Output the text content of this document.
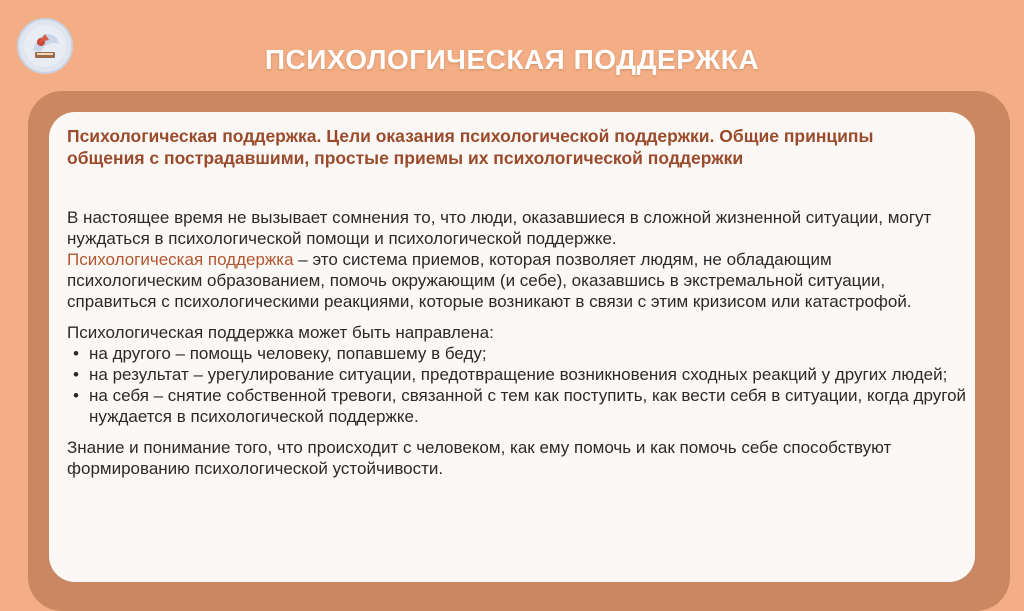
ПСИХОЛОГИЧЕСКАЯ ПОДДЕРЖКА
Психологическая поддержка. Цели оказания психологической поддержки. Общие принципы общения с пострадавшими, простые приемы их психологической поддержки

В настоящее время не вызывает сомнения то, что люди, оказавшиеся в сложной жизненной ситуации, могут нуждаться в психологической помощи и психологической поддержке.

Психологическая поддержка – это система приемов, которая позволяет людям, не обладающим психологическим образованием, помочь окружающим (и себе), оказавшись в экстремальной ситуации, справиться с психологическими реакциями, которые возникают в связи с этим кризисом или катастрофой.

Психологическая поддержка может быть направлена:

• на другого – помощь человеку, попавшему в беду;
• на результат – урегулирование ситуации, предотвращение возникновения сходных реакций у других людей;
• на себя – снятие собственной тревоги, связанной с тем как поступить, как вести себя в ситуации, когда другой нуждается в психологической поддержке.

Знание и понимание того, что происходит с человеком, как ему помочь и как помочь себе способствуют формированию психологической устойчивости.
